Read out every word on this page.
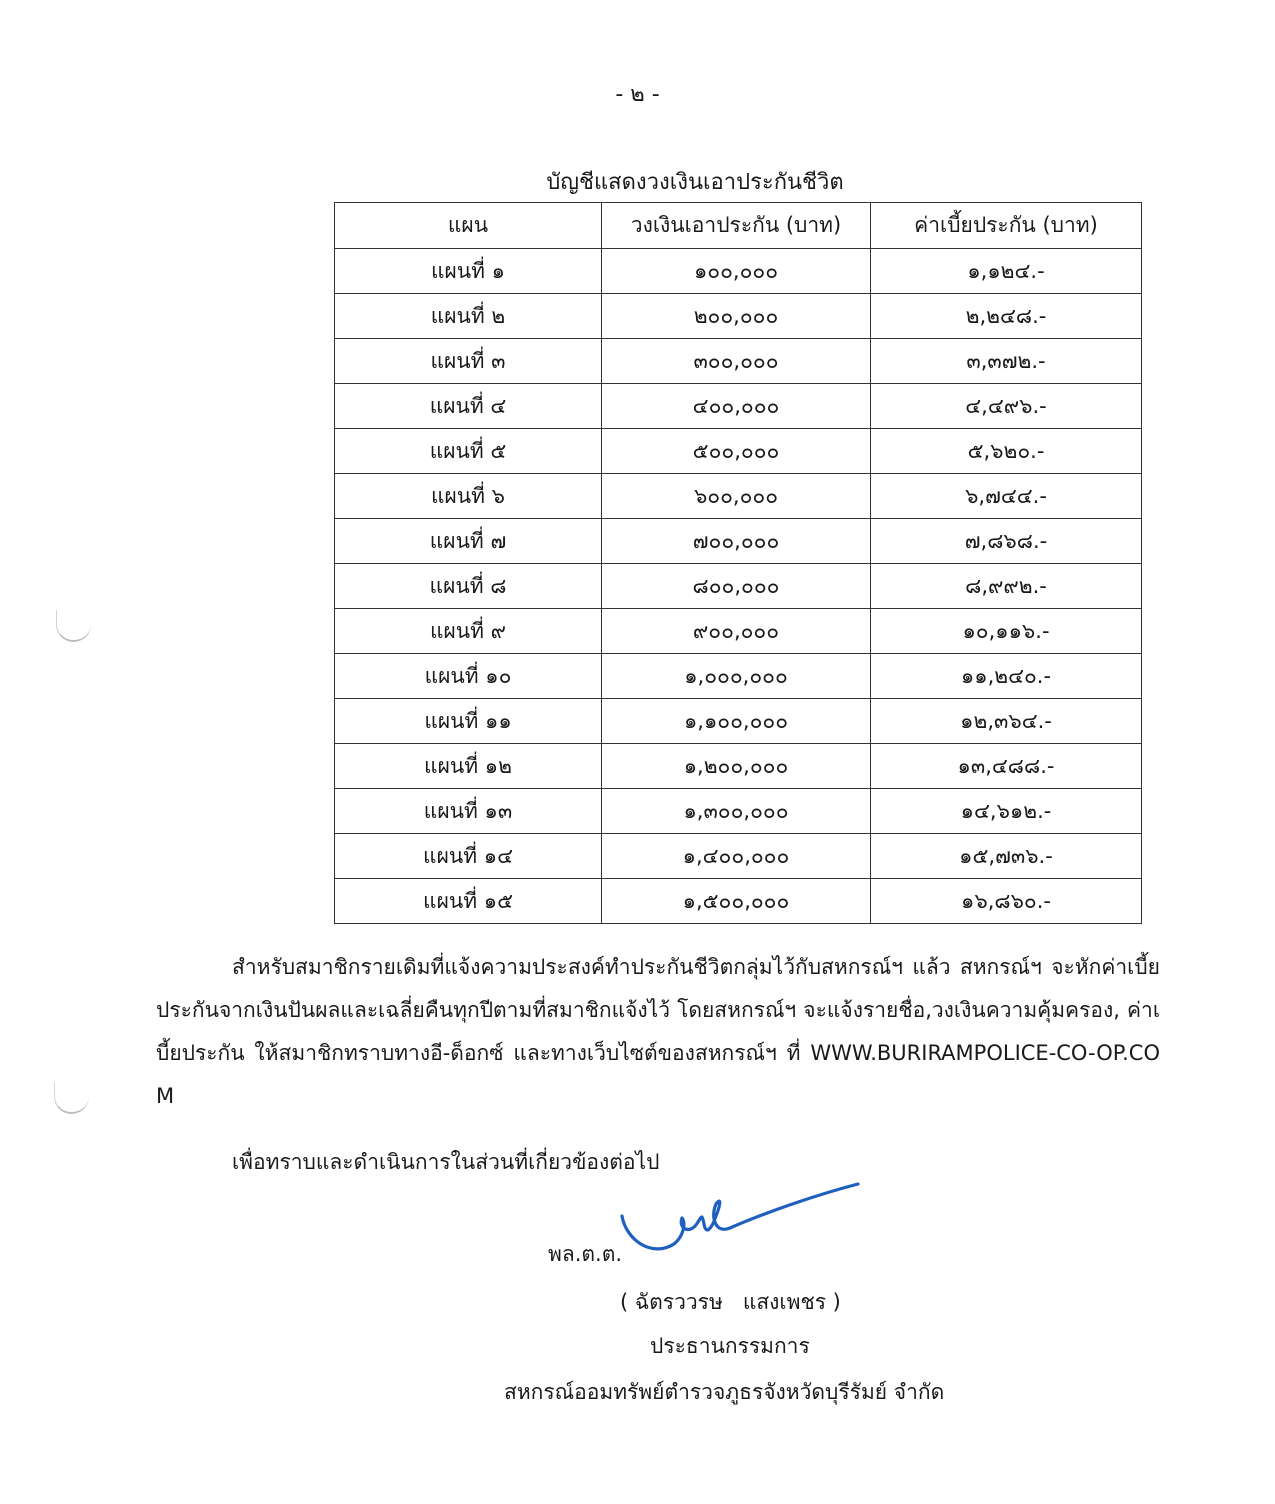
- ๒ -
บัญชีแสดงวงเงินเอาประกันชีวิต
แผน	วงเงินเอาประกัน (บาท)	ค่าเบี้ยประกัน (บาท)
แผนที่ ๑	๑๐๐,๐๐๐	๑,๑๒๔.-
แผนที่ ๒	๒๐๐,๐๐๐	๒,๒๔๘.-
แผนที่ ๓	๓๐๐,๐๐๐	๓,๓๗๒.-
แผนที่ ๔	๔๐๐,๐๐๐	๔,๔๙๖.-
แผนที่ ๕	๕๐๐,๐๐๐	๕,๖๒๐.-
แผนที่ ๖	๖๐๐,๐๐๐	๖,๗๔๔.-
แผนที่ ๗	๗๐๐,๐๐๐	๗,๘๖๘.-
แผนที่ ๘	๘๐๐,๐๐๐	๘,๙๙๒.-
แผนที่ ๙	๙๐๐,๐๐๐	๑๐,๑๑๖.-
แผนที่ ๑๐	๑,๐๐๐,๐๐๐	๑๑,๒๔๐.-
แผนที่ ๑๑	๑,๑๐๐,๐๐๐	๑๒,๓๖๔.-
แผนที่ ๑๒	๑,๒๐๐,๐๐๐	๑๓,๔๘๘.-
แผนที่ ๑๓	๑,๓๐๐,๐๐๐	๑๔,๖๑๒.-
แผนที่ ๑๔	๑,๔๐๐,๐๐๐	๑๕,๗๓๖.-
แผนที่ ๑๕	๑,๕๐๐,๐๐๐	๑๖,๘๖๐.-
สำหรับสมาชิกรายเดิมที่แจ้งความประสงค์ทำประกันชีวิตกลุ่มไว้กับสหกรณ์ฯ แล้ว สหกรณ์ฯ จะหักค่าเบี้ยประกันจากเงินปันผลและเฉลี่ยคืนทุกปีตามที่สมาชิกแจ้งไว้ โดยสหกรณ์ฯ จะแจ้งรายชื่อ,วงเงินความคุ้มครอง, ค่าเบี้ยประกัน ให้สมาชิกทราบทางอี-ด็อกซ์ และทางเว็บไซต์ของสหกรณ์ฯ ที่ WWW.BURIRAMPOLICE-CO-OP.COM
เพื่อทราบและดำเนินการในส่วนที่เกี่ยวข้องต่อไป
พล.ต.ต.
( ฉัตรววรษ   แสงเพชร )
ประธานกรรมการ
สหกรณ์ออมทรัพย์ตำรวจภูธรจังหวัดบุรีรัมย์ จำกัด
